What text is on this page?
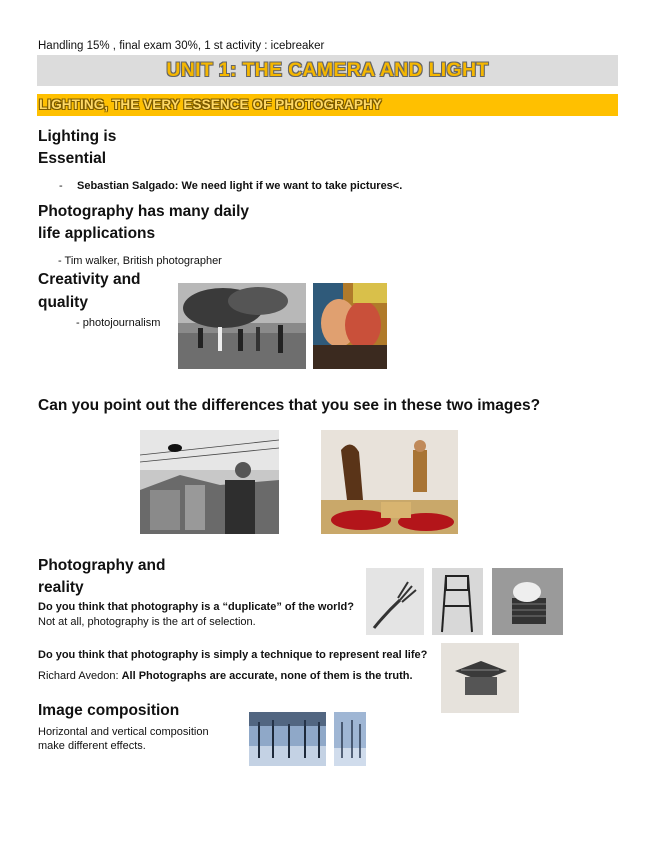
Handling 15% , final exam 30%, 1 st activity : icebreaker
UNIT 1: THE CAMERA AND LIGHT
LIGHTING, THE VERY ESSENCE OF PHOTOGRAPHY
Lighting is
Essential
- Sebastian Salgado: We need light if we want to take pictures<.
Photography has many daily
life applications
- Tim walker, British photographer
Creativity and
quality
- photojournalism
Can you point out the differences that you see in these two images?
Photography and
reality
Do you think that photography is a “duplicate” of the world?
Not at all, photography is the art of selection.
Do you think that photography is simply a technique to represent real life?
Richard Avedon: All Photographs are accurate, none of them is the truth.
Image composition
Horizontal and vertical composition
make different effects.
